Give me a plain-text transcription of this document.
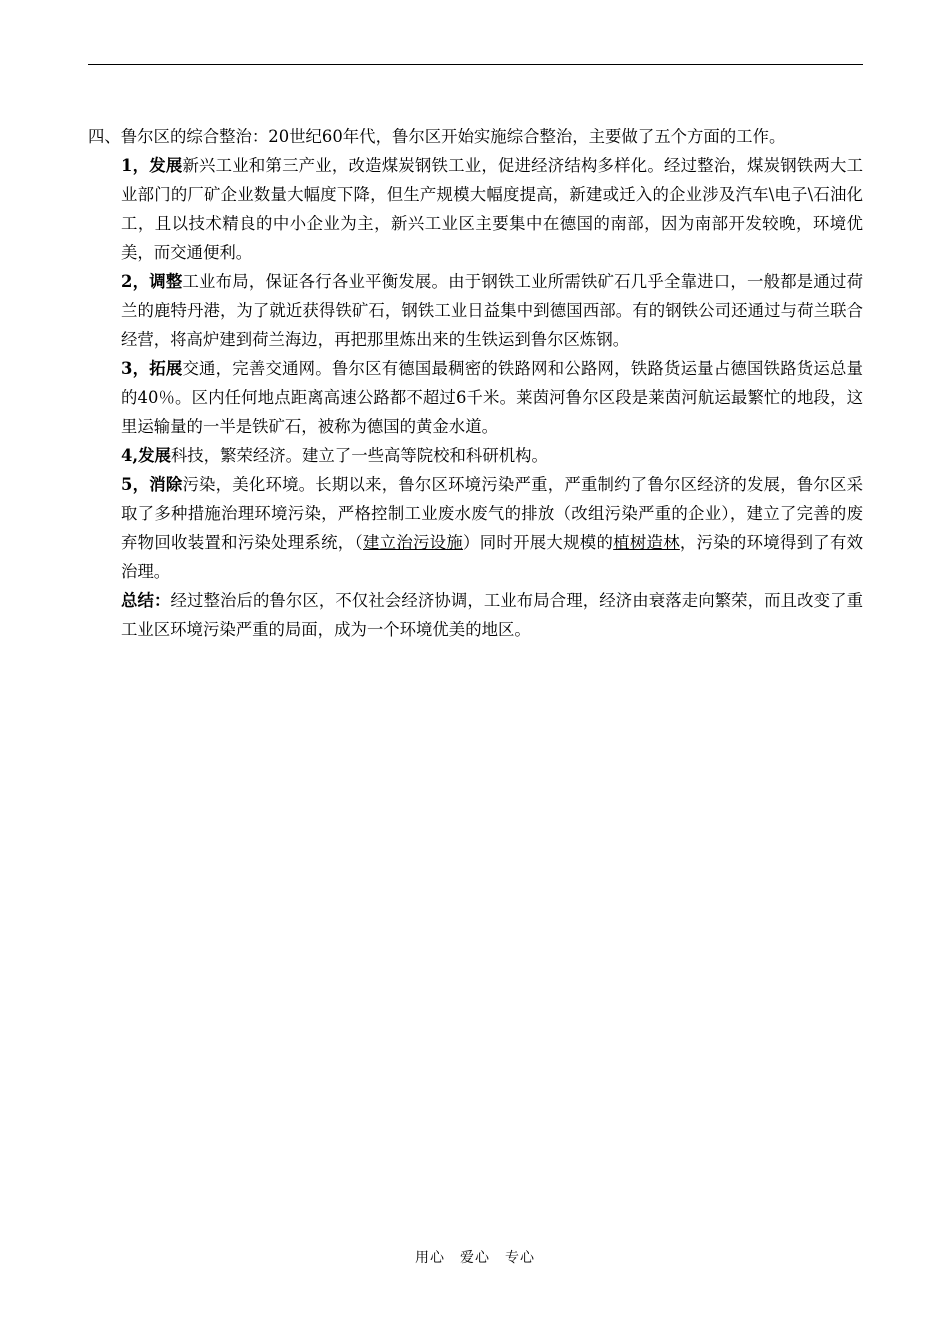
四、鲁尔区的综合整治：20世纪60年代，鲁尔区开始实施综合整治，主要做了五个方面的工作。

1，发展新兴工业和第三产业，改造煤炭钢铁工业，促进经济结构多样化。经过整治，煤炭钢铁两大工业部门的厂矿企业数量大幅度下降，但生产规模大幅度提高，新建或迁入的企业涉及汽车\电子\石油化工，且以技术精良的中小企业为主，新兴工业区主要集中在德国的南部，因为南部开发较晚，环境优美，而交通便利。

2，调整工业布局，保证各行各业平衡发展。由于钢铁工业所需铁矿石几乎全靠进口，一般都是通过荷兰的鹿特丹港，为了就近获得铁矿石，钢铁工业日益集中到德国西部。有的钢铁公司还通过与荷兰联合经营，将高炉建到荷兰海边，再把那里炼出来的生铁运到鲁尔区炼钢。

3，拓展交通，完善交通网。鲁尔区有德国最稠密的铁路网和公路网，铁路货运量占德国铁路货运总量的40％。区内任何地点距离高速公路都不超过6千米。莱茵河鲁尔区段是莱茵河航运最繁忙的地段，这里运输量的一半是铁矿石，被称为德国的黄金水道。

4,发展科技，繁荣经济。建立了一些高等院校和科研机构。

5，消除污染，美化环境。长期以来，鲁尔区环境污染严重，严重制约了鲁尔区经济的发展，鲁尔区采取了多种措施治理环境污染，严格控制工业废水废气的排放（改组污染严重的企业），建立了完善的废弃物回收装置和污染处理系统，（建立治污设施）同时开展大规模的植树造林，污染的环境得到了有效治理。

总结：经过整治后的鲁尔区，不仅社会经济协调，工业布局合理，经济由衰落走向繁荣，而且改变了重工业区环境污染严重的局面，成为一个环境优美的地区。

用心　爱心　专心
